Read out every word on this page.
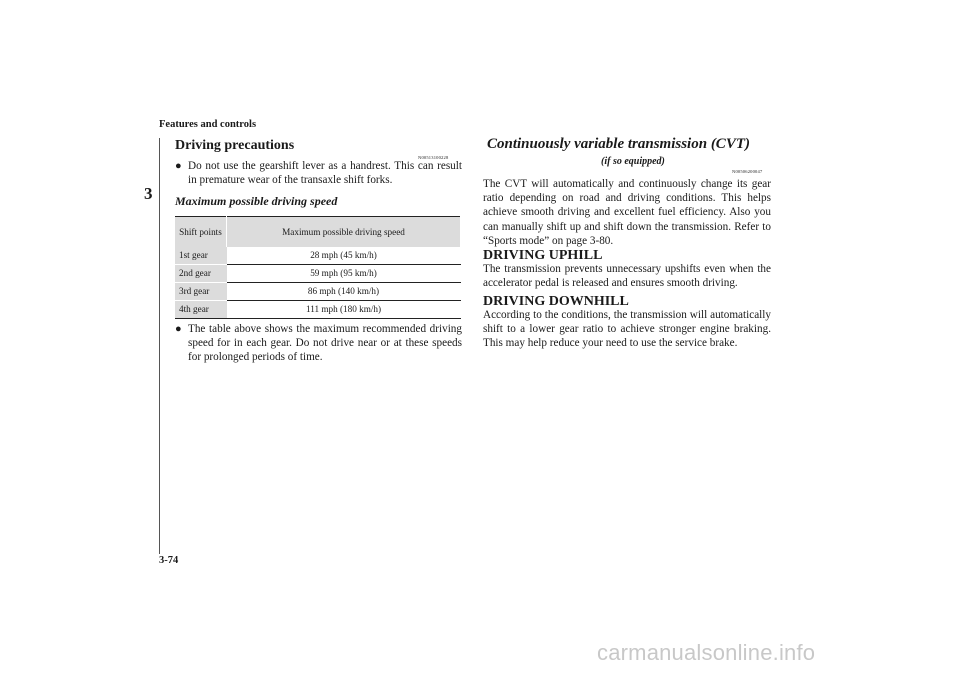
Features and controls
3
Driving precautions
N00513100228
● Do not use the gearshift lever as a handrest. This can result in premature wear of the transaxle shift forks.
Maximum possible driving speed
Shift points	Maximum possible driving speed
1st gear	28 mph (45 km/h)
2nd gear	59 mph (95 km/h)
3rd gear	86 mph (140 km/h)
4th gear	111 mph (180 km/h)
● The table above shows the maximum recommended driving speed for in each gear. Do not drive near or at these speeds for prolonged periods of time.
Continuously variable transmission (CVT)
(if so equipped)
N00506200047
The CVT will automatically and continuously change its gear ratio depending on road and driving conditions. This helps achieve smooth driving and excellent fuel efficiency. Also you can manually shift up and shift down the transmission. Refer to “Sports mode” on page 3-80.
DRIVING UPHILL
The transmission prevents unnecessary upshifts even when the accelerator pedal is released and ensures smooth driving.
DRIVING DOWNHILL
According to the conditions, the transmission will automatically shift to a lower gear ratio to achieve stronger engine braking. This may help reduce your need to use the service brake.
3-74
carmanualsonline.info
